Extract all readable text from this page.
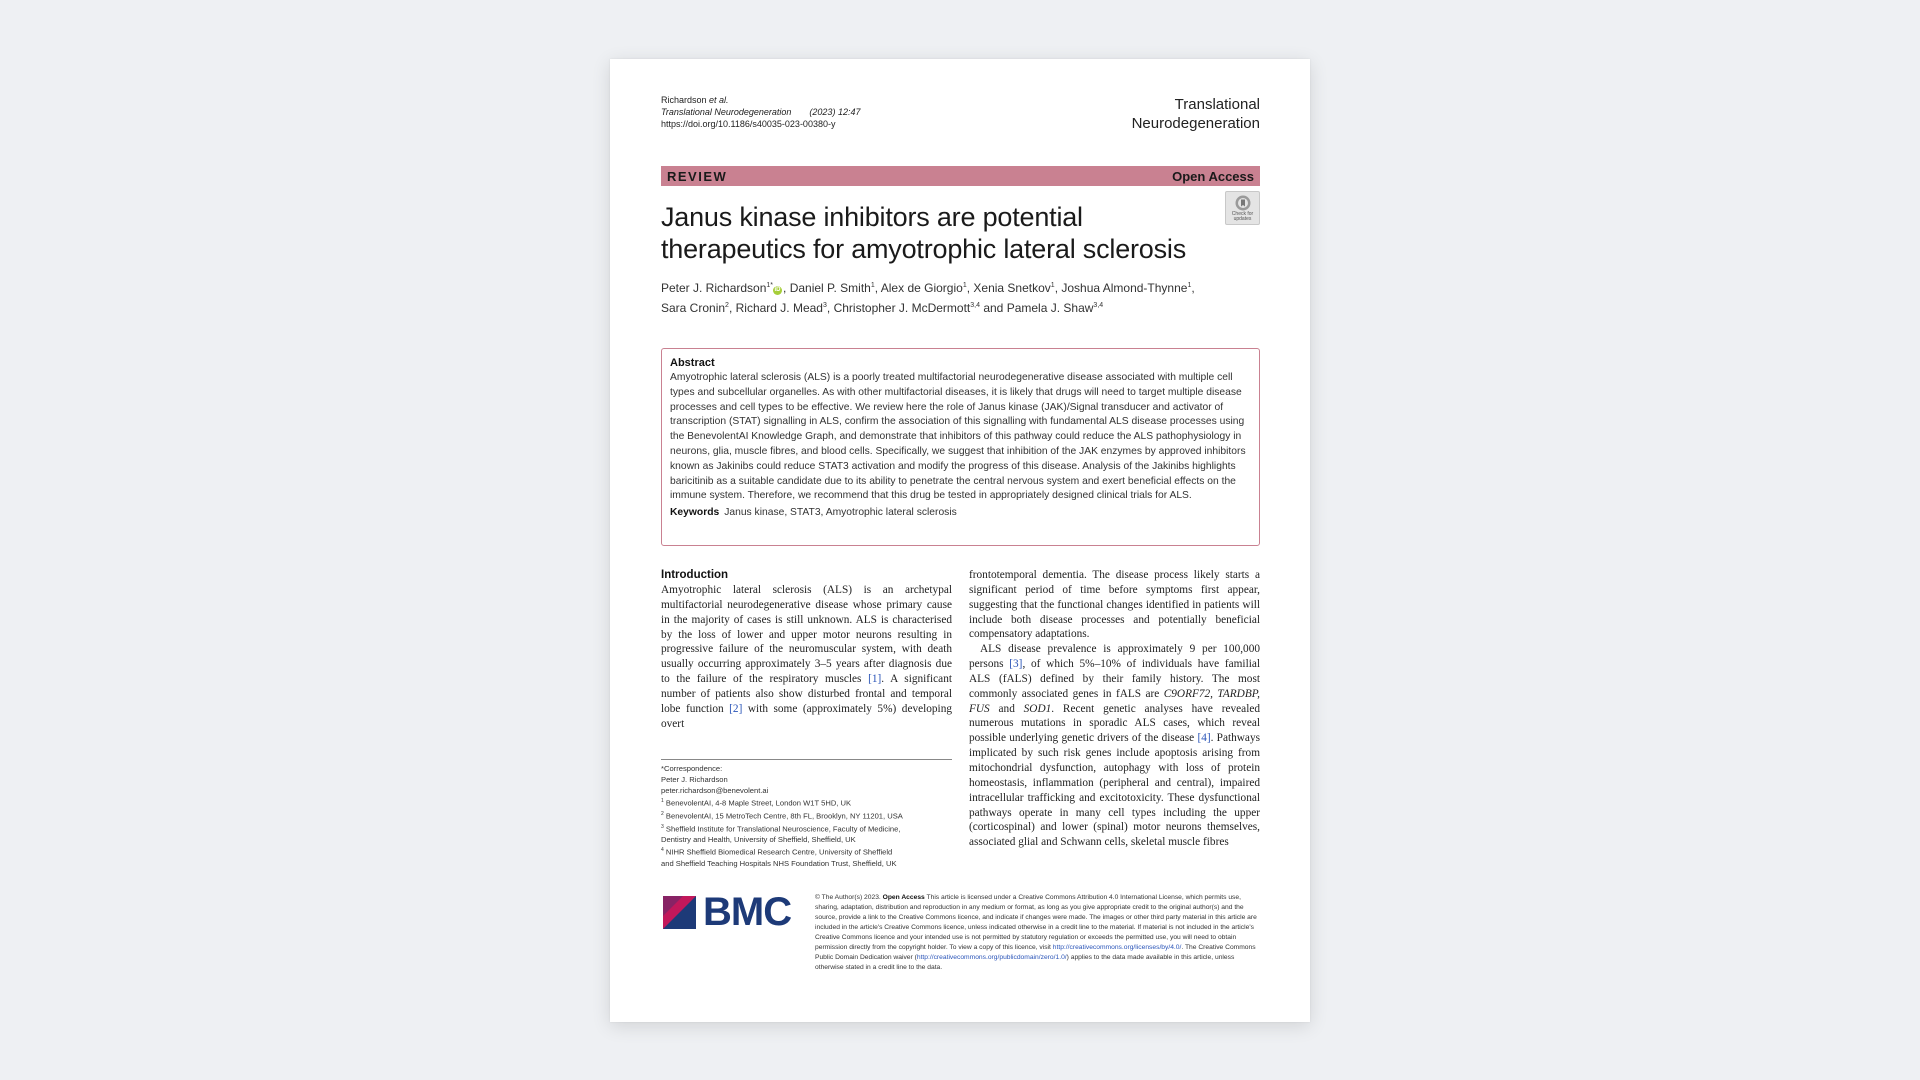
Richardson et al.
Translational Neurodegeneration (2023) 12:47
https://doi.org/10.1186/s40035-023-00380-y
Translational
Neurodegeneration
REVIEW	Open Access
Check for
updates
Janus kinase inhibitors are potential therapeutics for amyotrophic lateral sclerosis
Peter J. Richardson$^{1*}$iD , Daniel P. Smith$^1$, Alex de Giorgio$^1$, Xenia Snetkov$^1$, Joshua Almond-Thynne$^1$,
Sara Cronin$^2$, Richard J. Mead$^3$, Christopher J. McDermott$^{3,4}$ and Pamela J. Shaw$^{3,4}$
Abstract
Amyotrophic lateral sclerosis (ALS) is a poorly treated multifactorial neurodegenerative disease associated with multiple cell types and subcellular organelles. As with other multifactorial diseases, it is likely that drugs will need to target multiple disease processes and cell types to be effective. We review here the role of Janus kinase (JAK)/Signal transducer and activator of transcription (STAT) signalling in ALS, confirm the association of this signalling with fundamental ALS disease processes using the BenevolentAI Knowledge Graph, and demonstrate that inhibitors of this pathway could reduce the ALS pathophysiology in neurons, glia, muscle fibres, and blood cells. Specifically, we suggest that inhibition of the JAK enzymes by approved inhibitors known as Jakinibs could reduce STAT3 activation and modify the progress of this disease. Analysis of the Jakinibs highlights baricitinib as a suitable candidate due to its ability to penetrate the central nervous system and exert beneficial effects on the immune system. Therefore, we recommend that this drug be tested in appropriately designed clinical trials for ALS.
Keywords Janus kinase, STAT3, Amyotrophic lateral sclerosis
Introduction

Amyotrophic lateral sclerosis (ALS) is an archetypal multifactorial neurodegenerative disease whose primary cause in the majority of cases is still unknown. ALS is characterised by the loss of lower and upper motor neurons resulting in progressive failure of the neuromuscular system, with death usually occurring approximately 3–5 years after diagnosis due to the failure of the respiratory muscles [1]. A significant number of patients also show disturbed frontal and temporal lobe function [2] with some (approximately 5%) developing overt

*Correspondence:
Peter J. Richardson
peter.richardson@benevolent.ai
$^1$ BenevolentAI, 4-8 Maple Street, London W1T 5HD, UK
$^2$ BenevolentAI, 15 MetroTech Centre, 8th FL, Brooklyn, NY 11201, USA
$^3$ Sheffield Institute for Translational Neuroscience, Faculty of Medicine,
Dentistry and Health, University of Sheffield, Sheffield, UK
$^4$ NIHR Sheffield Biomedical Research Centre, University of Sheffield
and Sheffield Teaching Hospitals NHS Foundation Trust, Sheffield, UK

frontotemporal dementia. The disease process likely starts a significant period of time before symptoms first appear, suggesting that the functional changes identified in patients will include both disease processes and potentially beneficial compensatory adaptations.

ALS disease prevalence is approximately 9 per 100,000 persons [3], of which 5%–10% of individuals have familial ALS (fALS) defined by their family history. The most commonly associated genes in fALS are C9ORF72, TARDBP, FUS and SOD1. Recent genetic analyses have revealed numerous mutations in sporadic ALS cases, which reveal possible underlying genetic drivers of the disease [4]. Pathways implicated by such risk genes include apoptosis arising from mitochondrial dysfunction, autophagy with loss of protein homeostasis, inflammation (peripheral and central), impaired intracellular trafficking and excitotoxicity. These dysfunctional pathways operate in many cell types including the upper (corticospinal) and lower (spinal) motor neurons themselves, associated glial and Schwann cells, skeletal muscle fibres

BMC	© The Author(s) 2023. Open Access This article is licensed under a Creative Commons Attribution 4.0 International License, which permits use, sharing, adaptation, distribution and reproduction in any medium or format, as long as you give appropriate credit to the original author(s) and the source, provide a link to the Creative Commons licence, and indicate if changes were made. The images or other third party material in this article are included in the article's Creative Commons licence, unless indicated otherwise in a credit line to the material. If material is not included in the article's Creative Commons licence and your intended use is not permitted by statutory regulation or exceeds the permitted use, you will need to obtain permission directly from the copyright holder. To view a copy of this licence, visit http://creativecommons.org/licenses/by/4.0/. The Creative Commons Public Domain Dedication waiver (http://creativecommons.org/publicdomain/zero/1.0/) applies to the data made available in this article, unless otherwise stated in a credit line to the data.
